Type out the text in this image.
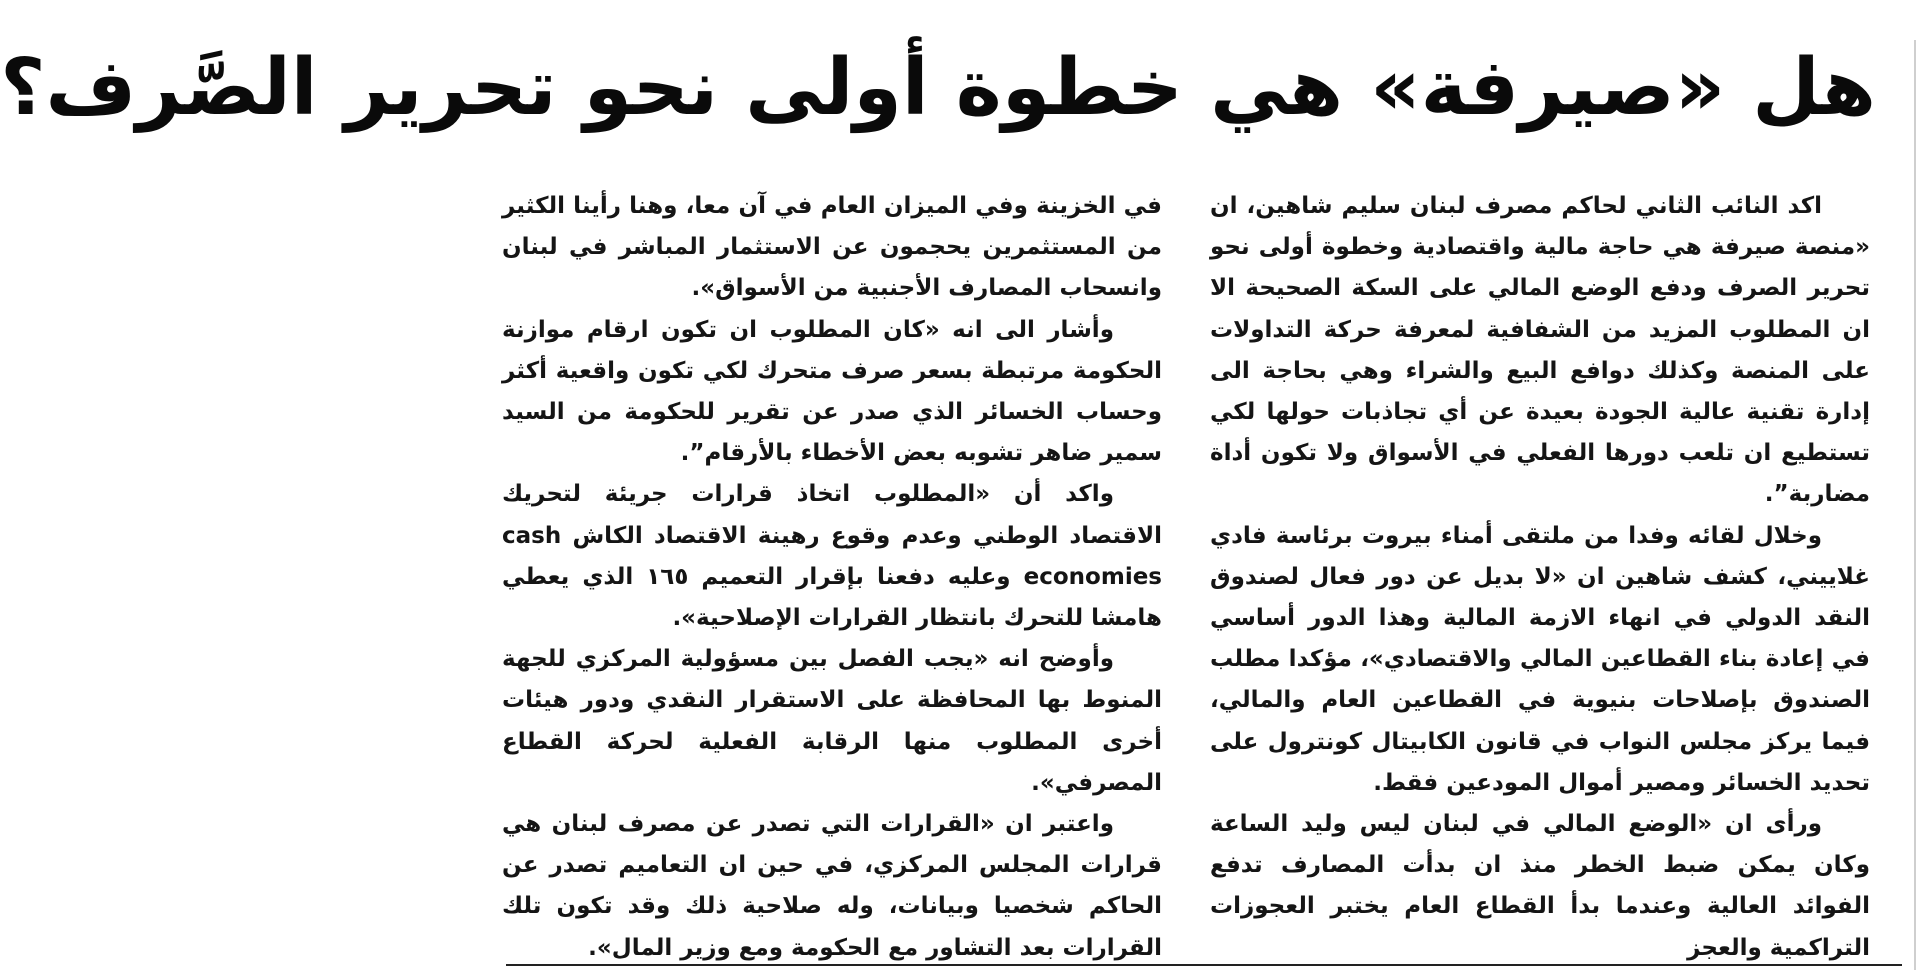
هل «صيرفة» هي خطوة أولى نحو تحرير الصَّرف؟

اكد النائب الثاني لحاكم مصرف لبنان سليم شاهين، ان «منصة صيرفة هي حاجة مالية واقتصادية وخطوة أولى نحو تحرير الصرف ودفع الوضع المالي على السكة الصحيحة الا ان المطلوب المزيد من الشفافية لمعرفة حركة التداولات على المنصة وكذلك دوافع البيع والشراء وهي بحاجة الى إدارة تقنية عالية الجودة بعيدة عن أي تجاذبات حولها لكي تستطيع ان تلعب دورها الفعلي في الأسواق ولا تكون أداة مضاربة”.

وخلال لقائه وفدا من ملتقى أمناء بيروت برئاسة فادي غلاييني، كشف شاهين ان «لا بديل عن دور فعال لصندوق النقد الدولي في انهاء الازمة المالية وهذا الدور أساسي في إعادة بناء القطاعين المالي والاقتصادي»، مؤكدا مطلب الصندوق بإصلاحات بنيوية في القطاعين العام والمالي، فيما يركز مجلس النواب في قانون الكابيتال كونترول على تحديد الخسائر ومصير أموال المودعين فقط.

ورأى ان «الوضع المالي في لبنان ليس وليد الساعة وكان يمكن ضبط الخطر منذ ان بدأت المصارف تدفع الفوائد العالية وعندما بدأ القطاع العام يختبر العجوزات التراكمية والعجز

في الخزينة وفي الميزان العام في آن معا، وهنا رأينا الكثير من المستثمرين يحجمون عن الاستثمار المباشر في لبنان وانسحاب المصارف الأجنبية من الأسواق».

وأشار الى انه «كان المطلوب ان تكون ارقام موازنة الحكومة مرتبطة بسعر صرف متحرك لكي تكون واقعية أكثر وحساب الخسائر الذي صدر عن تقرير للحكومة من السيد سمير ضاهر تشوبه بعض الأخطاء بالأرقام”.

واكد أن «المطلوب اتخاذ قرارات جريئة لتحريك الاقتصاد الوطني وعدم وقوع رهينة الاقتصاد الكاش cash economies وعليه دفعنا بإقرار التعميم ١٦٥ الذي يعطي هامشا للتحرك بانتظار القرارات الإصلاحية».

وأوضح انه «يجب الفصل بين مسؤولية المركزي للجهة المنوط بها المحافظة على الاستقرار النقدي ودور هيئات أخرى المطلوب منها الرقابة الفعلية لحركة القطاع المصرفي».

واعتبر ان «القرارات التي تصدر عن مصرف لبنان هي قرارات المجلس المركزي، في حين ان التعاميم تصدر عن الحاكم شخصيا وبيانات، وله صلاحية ذلك وقد تكون تلك القرارات بعد التشاور مع الحكومة ومع وزير المال».
